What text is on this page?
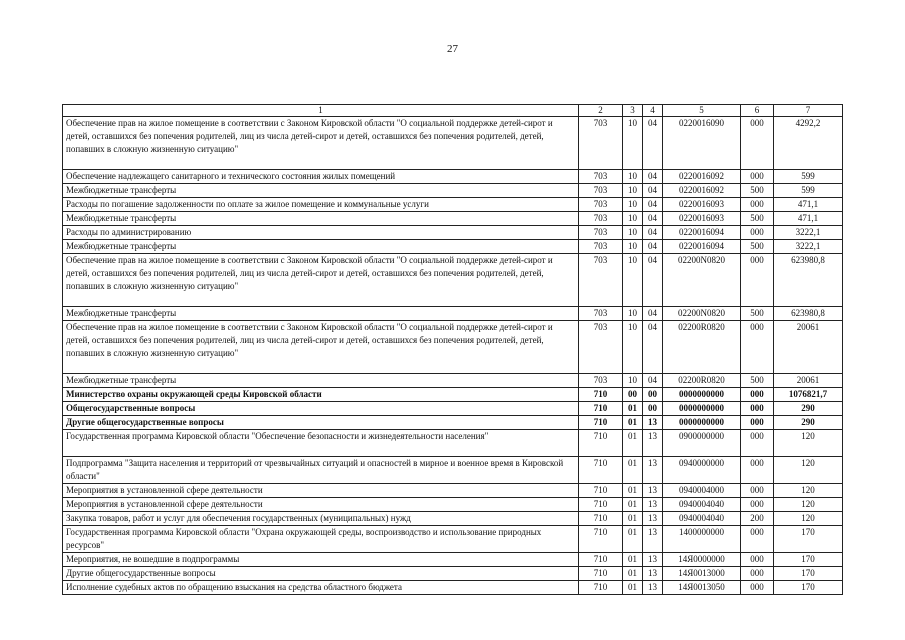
27
1	2	3	4	5	6	7
Обеспечение прав на жилое помещение в соответствии с Законом Кировской области "О социальной поддержке детей-сирот и детей, оставшихся без попечения родителей, лиц из числа детей-сирот и детей, оставшихся без попечения родителей, детей, попавших в сложную жизненную ситуацию"	703	10	04	0220016090	000	4292,2
Обеспечение надлежащего санитарного и технического состояния жилых помещений	703	10	04	0220016092	000	599
Межбюджетные трансферты	703	10	04	0220016092	500	599
Расходы по погашение задолженности по оплате за жилое помещение и коммунальные услуги	703	10	04	0220016093	000	471,1
Межбюджетные трансферты	703	10	04	0220016093	500	471,1
Расходы по администрированию	703	10	04	0220016094	000	3222,1
Межбюджетные трансферты	703	10	04	0220016094	500	3222,1
Обеспечение прав на жилое помещение в соответствии с Законом Кировской области "О социальной поддержке детей-сирот и детей, оставшихся без попечения родителей, лиц из числа детей-сирот и детей, оставшихся без попечения родителей, детей, попавших в сложную жизненную ситуацию"	703	10	04	02200N0820	000	623980,8
Межбюджетные трансферты	703	10	04	02200N0820	500	623980,8
Обеспечение прав на жилое помещение в соответствии с Законом Кировской области "О социальной поддержке детей-сирот и детей, оставшихся без попечения родителей, лиц из числа детей-сирот и детей, оставшихся без попечения родителей, детей, попавших в сложную жизненную ситуацию"	703	10	04	02200R0820	000	20061
Межбюджетные трансферты	703	10	04	02200R0820	500	20061
Министерство охраны окружающей среды Кировской области	710	00	00	0000000000	000	1076821,7
Общегосударственные вопросы	710	01	00	0000000000	000	290
Другие общегосударственные вопросы	710	01	13	0000000000	000	290
Государственная программа Кировской области "Обеспечение безопасности и жизнедеятельности населения"	710	01	13	0900000000	000	120
Подпрограмма "Защита населения и территорий от чрезвычайных ситуаций и опасностей в мирное и военное время в Кировской области"	710	01	13	0940000000	000	120
Мероприятия в установленной сфере деятельности	710	01	13	0940004000	000	120
Мероприятия в установленной сфере деятельности	710	01	13	0940004040	000	120
Закупка товаров, работ и услуг для обеспечения государственных (муниципальных) нужд	710	01	13	0940004040	200	120
Государственная программа Кировской области "Охрана окружающей среды, воспроизводство и использование природных ресурсов"	710	01	13	1400000000	000	170
Мероприятия, не вошедшие в подпрограммы	710	01	13	14Я0000000	000	170
Другие общегосударственные вопросы	710	01	13	14Я0013000	000	170
Исполнение судебных актов по обращению взыскания на средства областного бюджета	710	01	13	14Я0013050	000	170
